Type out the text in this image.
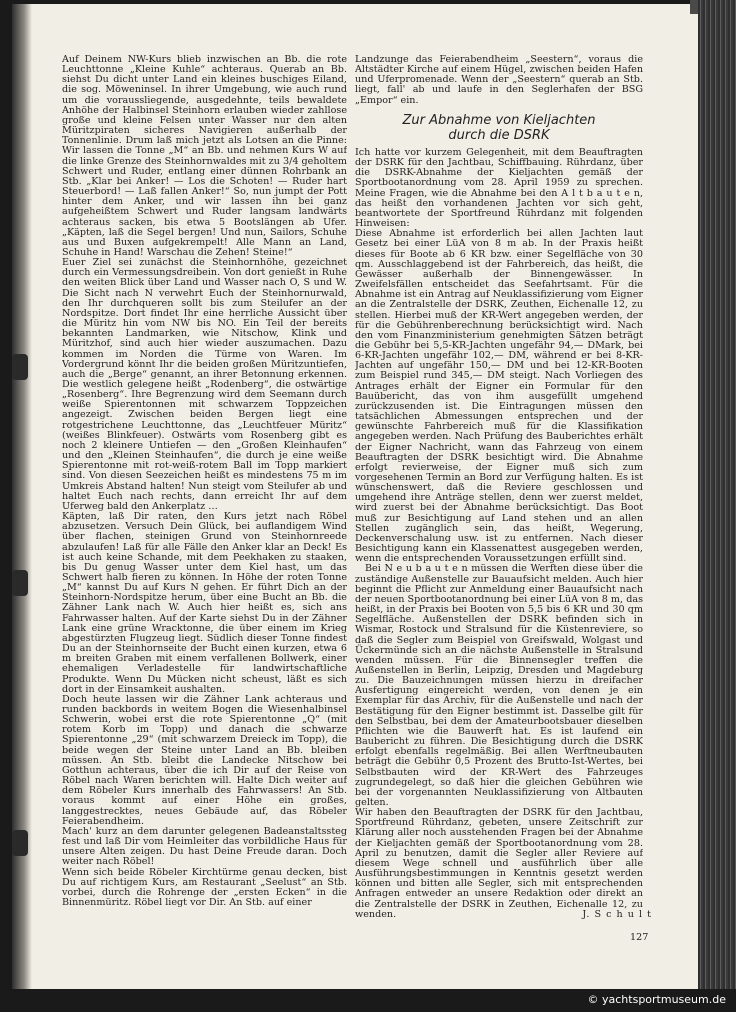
Auf Deinem NW-Kurs blieb inzwischen an Bb. die rote Leuchttonne „Kleine Kuhle“ achteraus. Querab an Bb. siehst Du dicht unter Land ein kleines buschiges Eiland, die sog. Möweninsel. In ihrer Umgebung, wie auch rund um die voraussliegende, ausgedehnte, teils bewaldete Anhöhe der Halbinsel Steinhorn erlauben wieder zahllose große und kleine Felsen unter Wasser nur den alten Müritzpiraten sicheres Navigieren außerhalb der Tonnenlinie. Drum laß mich jetzt als Lotsen an die Pinne: Wir lassen die Tonne „M“ an Bb. und nehmen Kurs W auf die linke Grenze des Steinhornwaldes mit zu 3/4 geholtem Schwert und Ruder, entlang einer dünnen Rohrbank an Stb. „Klar bei Anker! — Los die Schoten! — Ruder hart Steuerbord! — Laß fallen Anker!“ So, nun jumpt der Pott hinter dem Anker, und wir lassen ihn bei ganz aufgeheißtem Schwert und Ruder langsam landwärts achteraus sacken, bis etwa 5 Bootslängen ab Ufer. „Käpten, laß die Segel bergen! Und nun, Sailors, Schuhe aus und Buxen aufgekrempelt! Alle Mann an Land, Schuhe in Hand! Warschau die Zehen! Steine!“

Euer Ziel sei zunächst die Steinhornhöhe, gezeichnet durch ein Vermessungsdreibein. Von dort genießt in Ruhe den weiten Blick über Land und Wasser nach O, S und W. Die Sicht nach N verwehrt Euch der Steinhornurwald, den Ihr durchqueren sollt bis zum Steilufer an der Nordspitze. Dort findet Ihr eine herrliche Aussicht über die Müritz hin vom NW bis NO. Ein Teil der bereits bekannten Landmarken, wie Nitschow, Klink und Müritzhof, sind auch hier wieder auszumachen. Dazu kommen im Norden die Türme von Waren. Im Vordergrund könnt Ihr die beiden großen Müritzuntiefen, auch die „Berge“ genannt, an ihrer Betonnung erkennen. Die westlich gelegene heißt „Rodenberg“, die ostwärtige „Rosenberg“. Ihre Begrenzung wird dem Seemann durch weiße Spierentonnen mit schwarzem Toppzeichen angezeigt. Zwischen beiden Bergen liegt eine rotgestrichene Leuchttonne, das „Leuchtfeuer Müritz“ (weißes Blinkfeuer). Ostwärts vom Rosenberg gibt es noch 2 kleinere Untiefen — den „Großen Kleinhaufen“ und den „Kleinen Steinhaufen“, die durch je eine weiße Spierentonne mit rot-weiß-rotem Ball im Topp markiert sind. Von diesen Seezeichen heißt es mindestens 75 m im Umkreis Abstand halten! Nun steigt vom Steilufer ab und haltet Euch nach rechts, dann erreicht Ihr auf dem Uferweg bald den Ankerplatz …

Käpten, laß Dir raten, den Kurs jetzt nach Röbel abzusetzen. Versuch Dein Glück, bei auflandigem Wind über flachen, steinigen Grund von Steinhornreede abzulaufen! Laß für alle Fälle den Anker klar an Deck! Es ist auch keine Schande, mit dem Peekhaken zu staaken, bis Du genug Wasser unter dem Kiel hast, um das Schwert halb fieren zu können. In Höhe der roten Tonne „M“ kannst Du auf Kurs N gehen. Er führt Dich an der Steinhorn-Nordspitze herum, über eine Bucht an Bb. die Zähner Lank nach W. Auch hier heißt es, sich ans Fahrwasser halten. Auf der Karte siehst Du in der Zähner Lank eine grüne Wracktonne, die über einem im Krieg abgestürzten Flugzeug liegt. Südlich dieser Tonne findest Du an der Steinhornseite der Bucht einen kurzen, etwa 6 m breiten Graben mit einem verfallenen Bollwerk, einer ehemaligen Verladestelle für landwirtschaftliche Produkte. Wenn Du Mücken nicht scheust, läßt es sich dort in der Einsamkeit aushalten.

Doch heute lassen wir die Zähner Lank achteraus und runden backbords in weitem Bogen die Wiesenhalbinsel Schwerin, wobei erst die rote Spierentonne „Q“ (mit rotem Korb im Topp) und danach die schwarze Spierentonne „29“ (mit schwarzem Dreieck im Topp), die beide wegen der Steine unter Land an Bb. bleiben müssen. An Stb. bleibt die Landecke Nitschow bei Gotthun achteraus, über die ich Dir auf der Reise von Röbel nach Waren berichten will. Halte Dich weiter auf dem Röbeler Kurs innerhalb des Fahrwassers! An Stb. voraus kommt auf einer Höhe ein großes, langgestrecktes, neues Gebäude auf, das Röbeler Feierabendheim.

Mach' kurz an dem darunter gelegenen Badeanstaltssteg fest und laß Dir vom Heimleiter das vorbildliche Haus für unsere Alten zeigen. Du hast Deine Freude daran. Doch weiter nach Röbel!

Wenn sich beide Röbeler Kirchtürme genau decken, bist Du auf richtigem Kurs, am Restaurant „Seelust“ an Stb. vorbei, durch die Rohrenge der „ersten Ecken“ in die Binnenmüritz. Röbel liegt vor Dir. An Stb. auf einer

Landzunge das Feierabendheim „Seestern“, voraus die Altstädter Kirche auf einem Hügel, zwischen beiden Hafen und Uferpromenade. Wenn der „Seestern“ querab an Stb. liegt, fall' ab und laufe in den Seglerhafen der BSG „Empor“ ein.

Zur Abnahme von Kieljachten
durch die DSRK

Ich hatte vor kurzem Gelegenheit, mit dem Beauftragten der DSRK für den Jachtbau, Schiffbauing. Rührdanz, über die DSRK-Abnahme der Kieljachten gemäß der Sportbootanordnung vom 28. April 1959 zu sprechen. Meine Fragen, wie die Abnahme bei den A l t b a u t e n, das heißt den vorhandenen Jachten vor sich geht, beantwortete der Sportfreund Rührdanz mit folgenden Hinweisen:

Diese Abnahme ist erforderlich bei allen Jachten laut Gesetz bei einer LüA von 8 m ab. In der Praxis heißt dieses für Boote ab 6 KR bzw. einer Segelfläche von 30 qm. Ausschlaggebend ist der Fahrbereich, das heißt, die Gewässer außerhalb der Binnengewässer. In Zweifelsfällen entscheidet das Seefahrtsamt. Für die Abnahme ist ein Antrag auf Neuklassifizierung vom Eigner an die Zentralstelle der DSRK, Zeuthen, Eichenalle 12, zu stellen. Hierbei muß der KR-Wert angegeben werden, der für die Gebührenberechnung berücksichtigt wird. Nach den vom Finanzministerium genehmigten Sätzen beträgt die Gebühr bei 5,5-KR-Jachten ungefähr 94,— DMark, bei 6-KR-Jachten ungefähr 102,— DM, während er bei 8-KR-Jachten auf ungefähr 150,— DM und bei 12-KR-Booten zum Beispiel rund 345,— DM steigt. Nach Vorliegen des Antrages erhält der Eigner ein Formular für den Bauübericht, das von ihm ausgefüllt umgehend zurückzusenden ist. Die Eintragungen müssen den tatsächlichen Abmessungen entsprechen und der gewünschte Fahrbereich muß für die Klassifikation angegeben werden. Nach Prüfung des Bauberichtes erhält der Eigner Nachricht, wann das Fahrzeug von einem Beauftragten der DSRK besichtigt wird. Die Abnahme erfolgt revierweise, der Eigner muß sich zum vorgesehenen Termin an Bord zur Verfügung halten. Es ist wünschenswert, daß die Reviere geschlossen und umgehend ihre Anträge stellen, denn wer zuerst meldet, wird zuerst bei der Abnahme berücksichtigt. Das Boot muß zur Besichtigung auf Land stehen und an allen Stellen zugänglich sein, das heißt, Wegerung, Deckenverschalung usw. ist zu entfernen. Nach dieser Besichtigung kann ein Klassenattest ausgegeben werden, wenn die entsprechenden Voraussetzungen erfüllt sind.

Bei N e u b a u t e n müssen die Werften diese über die zuständige Außenstelle zur Bauaufsicht melden. Auch hier beginnt die Pflicht zur Anmeldung einer Bauaufsicht nach der neuen Sportbootanordnung bei einer LüA von 8 m, das heißt, in der Praxis bei Booten von 5,5 bis 6 KR und 30 qm Segelfläche. Außenstellen der DSRK befinden sich in Wismar, Rostock und Stralsund für die Küstenreviere, so daß die Segler zum Beispiel von Greifswald, Wolgast und Ückermünde sich an die nächste Außenstelle in Stralsund wenden müssen. Für die Binnensegler treffen die Außenstellen in Berlin, Leipzig, Dresden und Magdeburg zu. Die Bauzeichnungen müssen hierzu in dreifacher Ausfertigung eingereicht werden, von denen je ein Exemplar für das Archiv, für die Außenstelle und nach der Bestätigung für den Eigner bestimmt ist. Dasselbe gilt für den Selbstbau, bei dem der Amateurbootsbauer dieselben Pflichten wie die Bauwerft hat. Es ist laufend ein Baubericht zu führen. Die Besichtigung durch die DSRK erfolgt ebenfalls regelmäßig. Bei allen Werftneubauten beträgt die Gebühr 0,5 Prozent des Brutto-Ist-Wertes, bei Selbstbauten wird der KR-Wert des Fahrzeuges zugrundegelegt, so daß hier die gleichen Gebühren wie bei der vorgenannten Neuklassifizierung von Altbauten gelten.

Wir haben den Beauftragten der DSRK für den Jachtbau, Sportfreund Rührdanz, gebeten, unsere Zeitschrift zur Klärung aller noch ausstehenden Fragen bei der Abnahme der Kieljachten gemäß der Sportbootanordnung vom 28. April zu benutzen, damit die Segler aller Reviere auf diesem Wege schnell und ausführlich über alle Ausführungsbestimmungen in Kenntnis gesetzt werden können und bitten alle Segler, sich mit entsprechenden Anfragen entweder an unsere Redaktion oder direkt an die Zentralstelle der DSRK in Zeuthen, Eichenalle 12, zu wenden.	J. S c h u l t
127
© yachtsportmuseum.de
